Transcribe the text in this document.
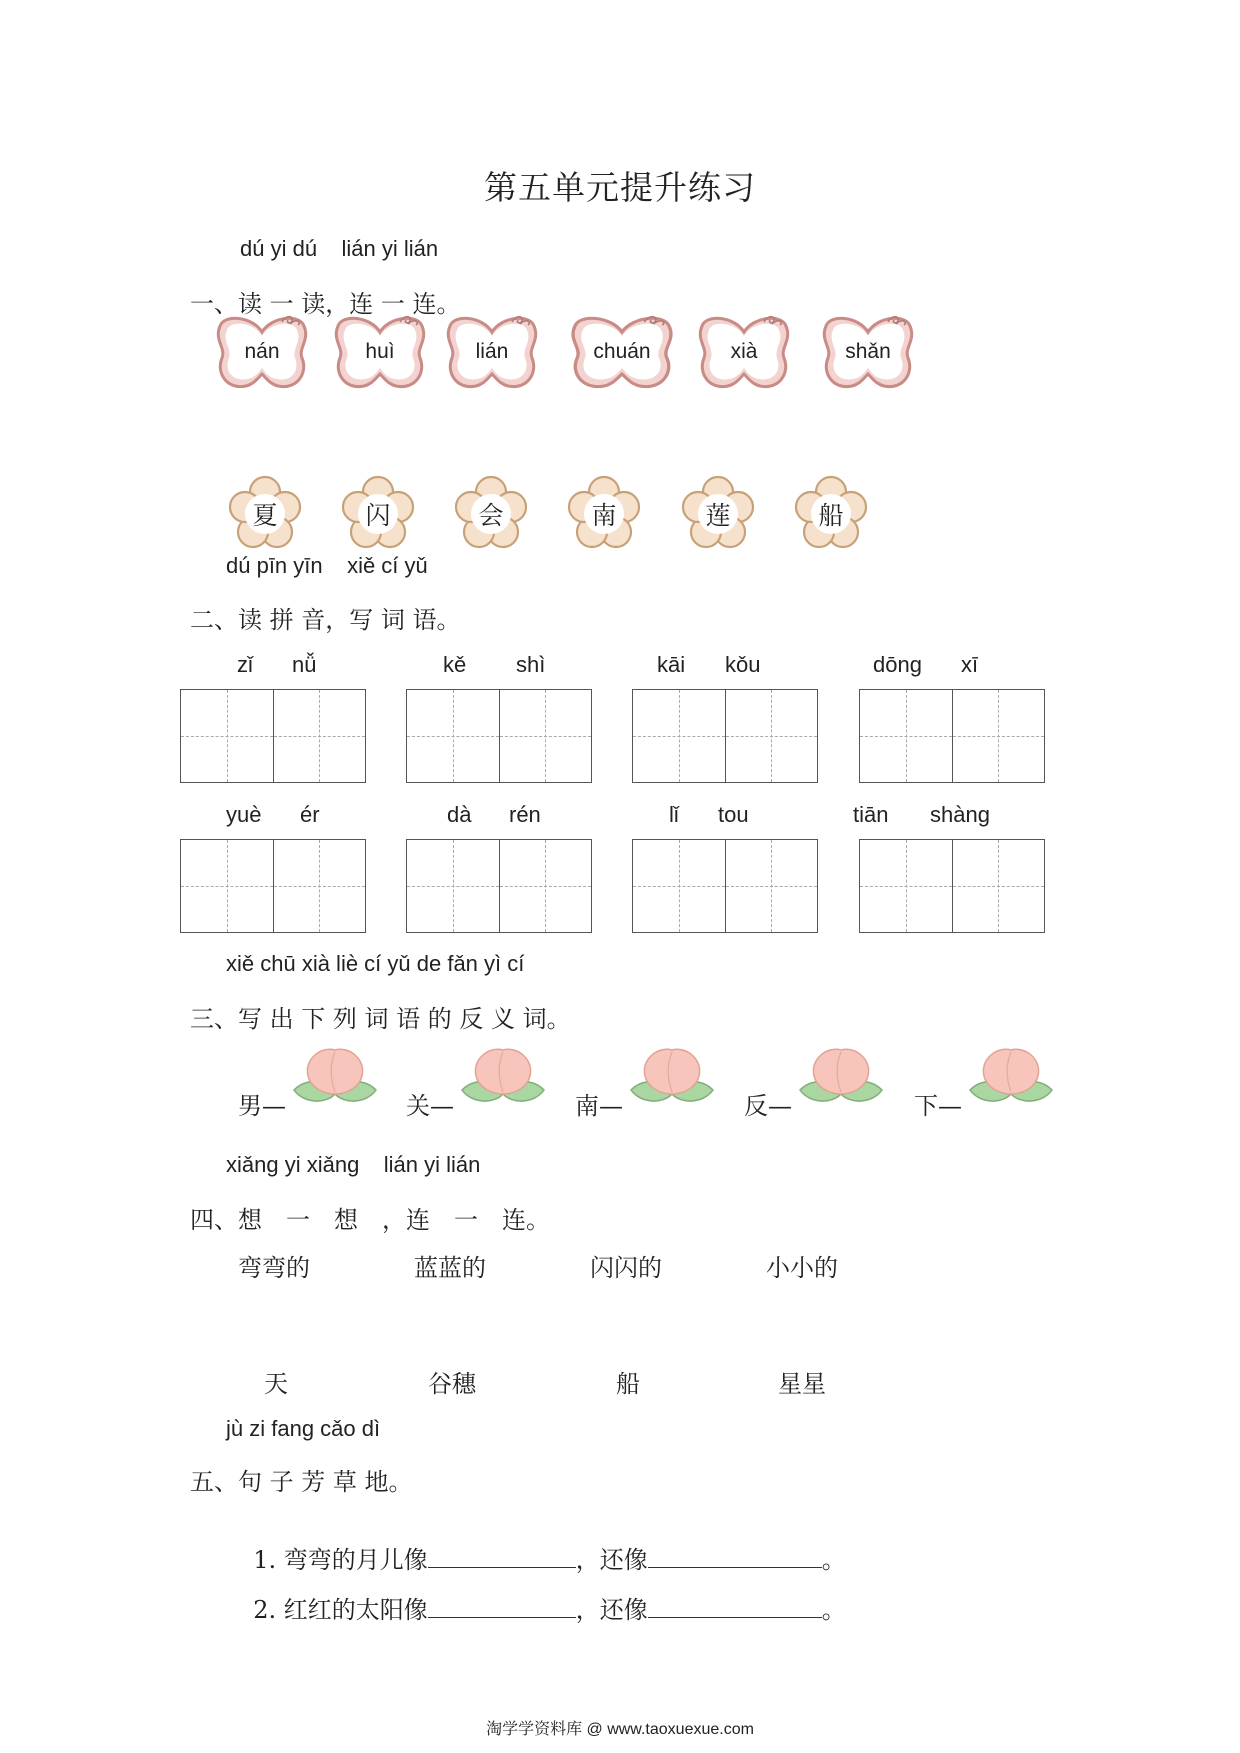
第五单元提升练习
dú yi dú    lián yi lián
一、读 一 读，连 一 连。
nán	huì	lián	chuán	xià	shǎn
夏	闪	会	南	莲	船
dú pīn yīn    xiě cí yǔ
二、读 拼 音，写 词 语。
zǐ nǚ	kě shì	kāi kǒu	dōng xī
yuè ér	dà rén	lǐ tou	tiān shàng
xiě chū xià liè cí yǔ de fǎn yì cí
三、写 出 下 列 词 语 的 反 义 词。
男—	关—	南—	反—	下—
xiǎng yi xiǎng    lián yi lián
四、想　一　想　，连　一　连。
弯弯的	蓝蓝的	闪闪的	小小的
天	谷穗	船	星星
jù zi fang cǎo dì
五、句 子 芳 草 地。

1. 弯弯的月儿像	，还像	。

2. 红红的太阳像	，还像	。

淘学学资料库 @ www.taoxuexue.com
